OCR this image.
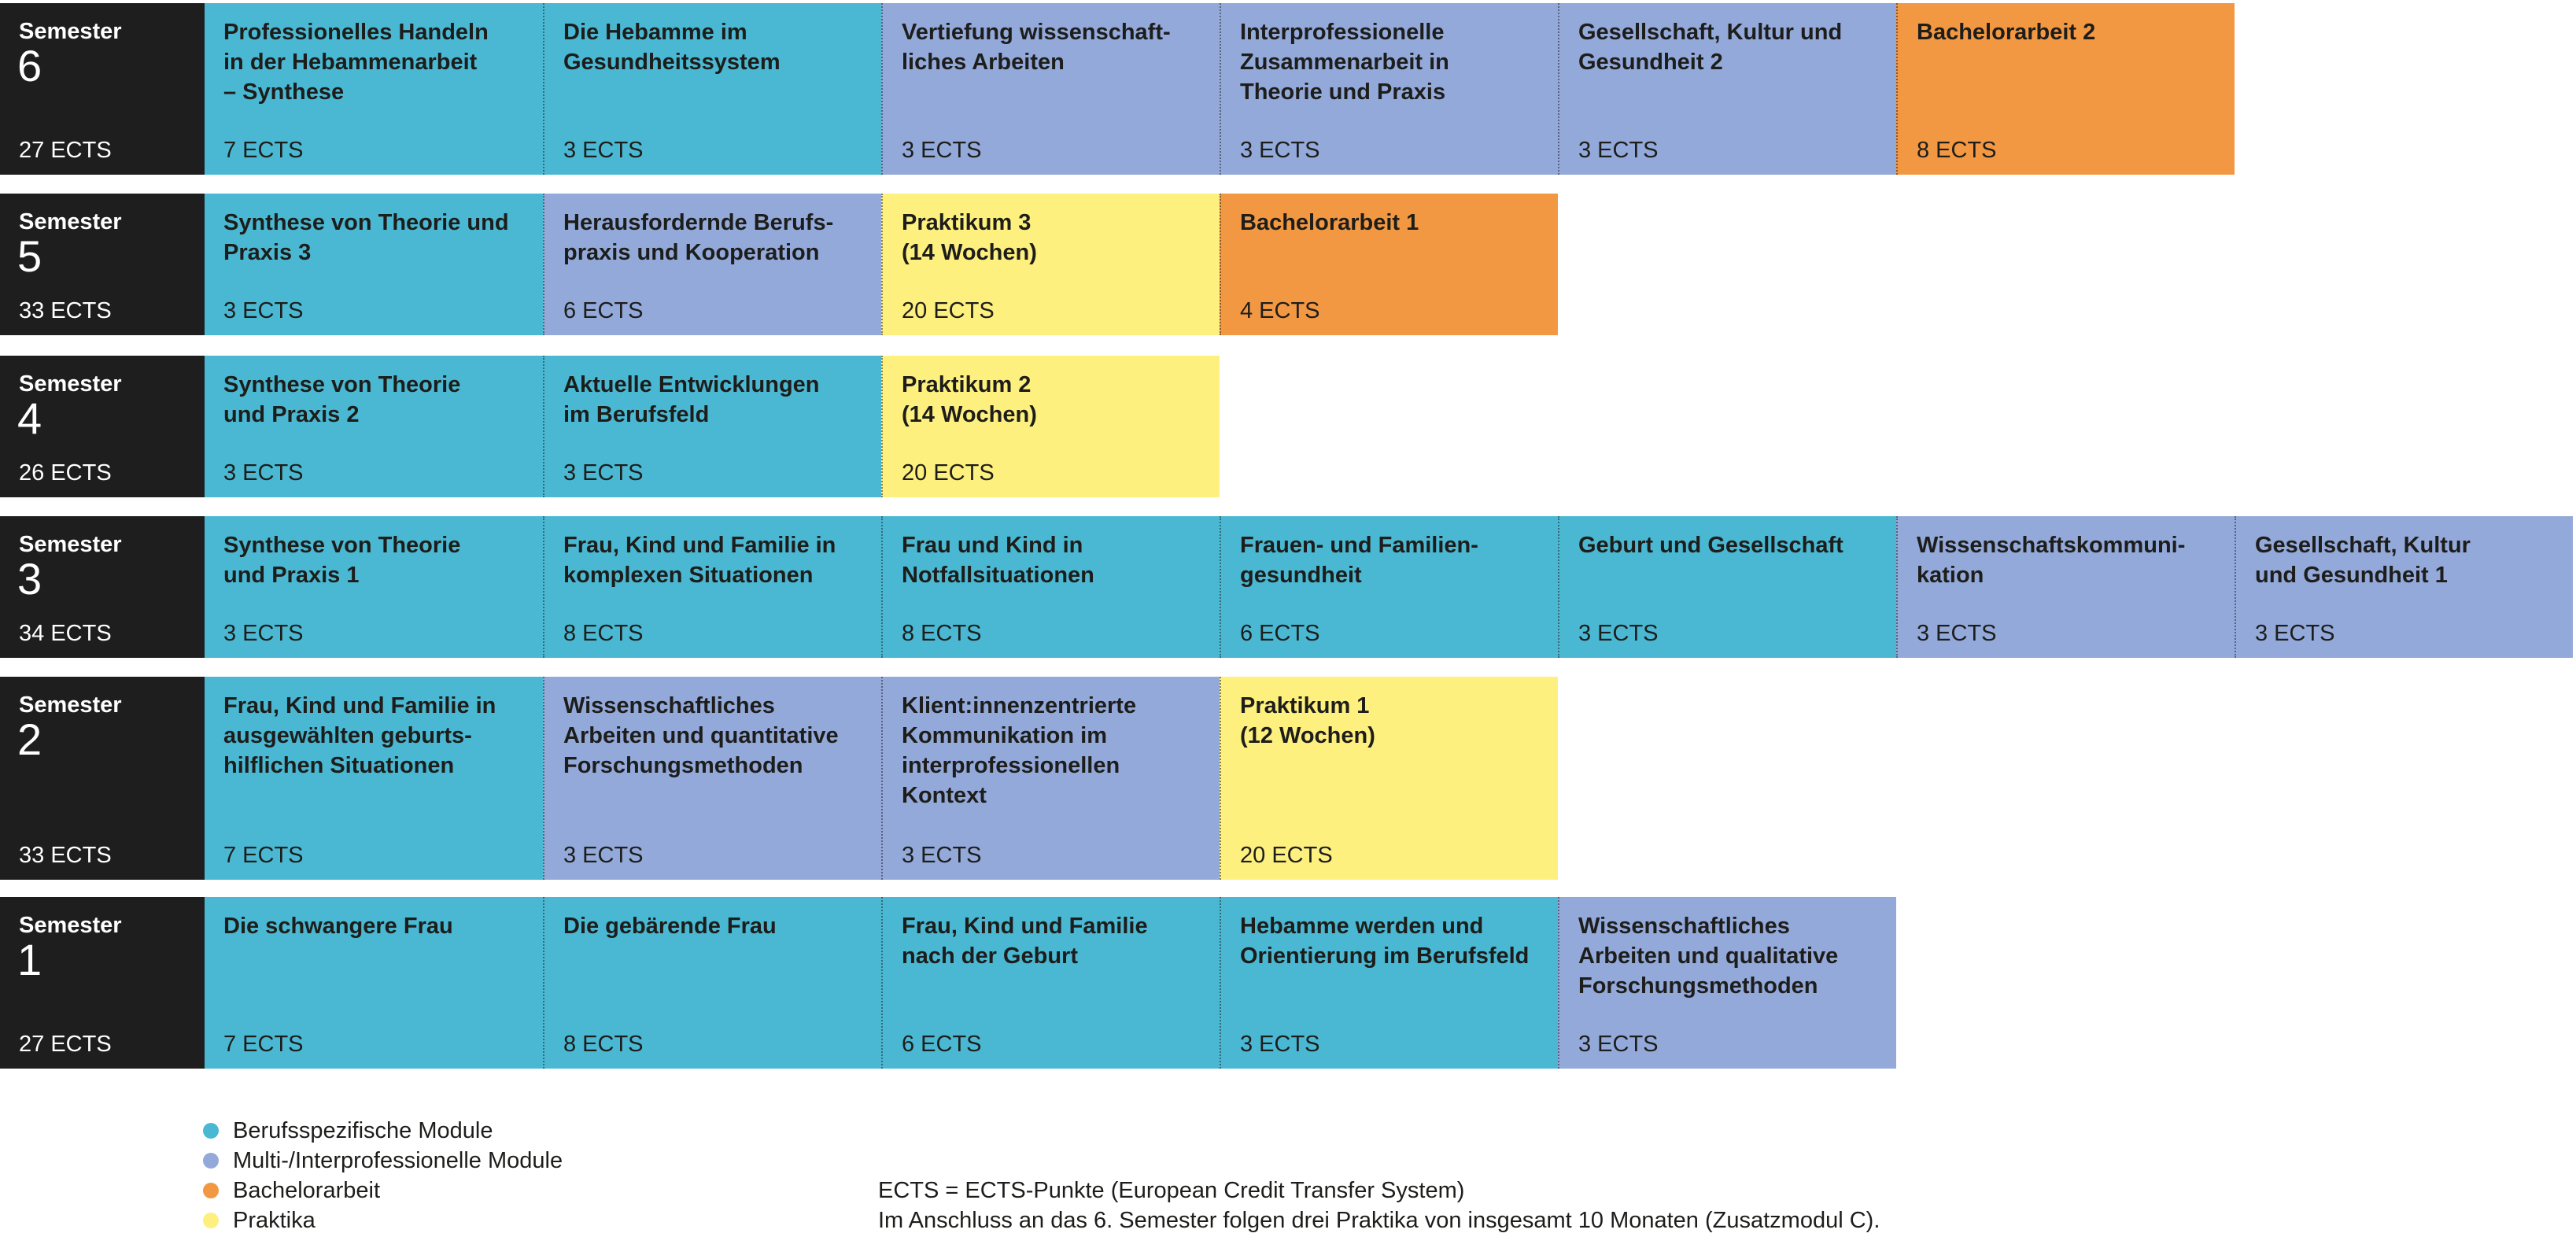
Semester
6
27 ECTS
Professionelles Handeln
in der Hebammenarbeit
– Synthese
7 ECTS
Die Hebamme im
Gesundheitssystem
3 ECTS
Vertiefung wissenschaft-
liches Arbeiten
3 ECTS
Interprofessionelle
Zusammenarbeit in
Theorie und Praxis
3 ECTS
Gesellschaft, Kultur und
Gesundheit 2
3 ECTS
Bachelorarbeit 2
8 ECTS
Semester
5
33 ECTS
Synthese von Theorie und
Praxis 3
3 ECTS
Herausfordernde Berufs-
praxis und Kooperation
6 ECTS
Praktikum 3
(14 Wochen)
20 ECTS
Bachelorarbeit 1
4 ECTS
Semester
4
26 ECTS
Synthese von Theorie
und Praxis 2
3 ECTS
Aktuelle Entwicklungen
im Berufsfeld
3 ECTS
Praktikum 2
(14 Wochen)
20 ECTS
Semester
3
34 ECTS
Synthese von Theorie
und Praxis 1
3 ECTS
Frau, Kind und Familie in
komplexen Situationen
8 ECTS
Frau und Kind in
Notfallsituationen
8 ECTS
Frauen- und Familien-
gesundheit
6 ECTS
Geburt und Gesellschaft
3 ECTS
Wissenschaftskommuni-
kation
3 ECTS
Gesellschaft, Kultur
und Gesundheit 1
3 ECTS
Semester
2
33 ECTS
Frau, Kind und Familie in
ausgewählten geburts-
hilflichen Situationen
7 ECTS
Wissenschaftliches
Arbeiten und quantitative
Forschungsmethoden
3 ECTS
Klient:innenzentrierte
Kommunikation im
interprofessionellen
Kontext
3 ECTS
Praktikum 1
(12 Wochen)
20 ECTS
Semester
1
27 ECTS
Die schwangere Frau
7 ECTS
Die gebärende Frau
8 ECTS
Frau, Kind und Familie
nach der Geburt
6 ECTS
Hebamme werden und
Orientierung im Berufsfeld
3 ECTS
Wissenschaftliches
Arbeiten und qualitative
Forschungsmethoden
3 ECTS
Berufsspezifische Module
Multi-/Interprofessionelle Module
Bachelorarbeit
Praktika
ECTS = ECTS-Punkte (European Credit Transfer System)
Im Anschluss an das 6. Semester folgen drei Praktika von insgesamt 10 Monaten (Zusatzmodul C).
